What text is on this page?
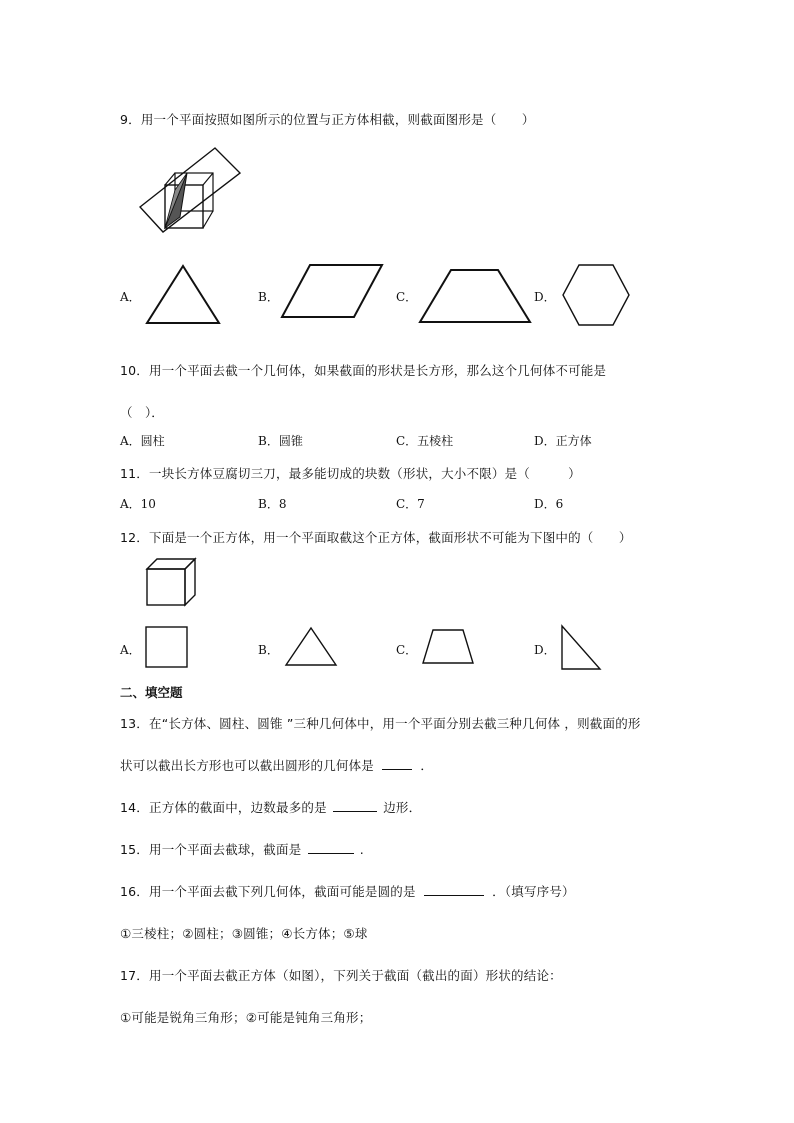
9．用一个平面按照如图所示的位置与正方体相截，则截面图形是（　　）
A．	B．	C．	D．
10．用一个平面去截一个几何体，如果截面的形状是长方形，那么这个几何体不可能是
（　）．
A．圆柱	B．圆锥	C．五棱柱	D．正方体
11．一块长方体豆腐切三刀，最多能切成的块数（形状，大小不限）是（　　　）
A．10	B．8	C．7	D．6
12．下面是一个正方体，用一个平面取截这个正方体，截面形状不可能为下图中的（　　）
A．	B．	C．	D．
二、填空题
13．在“长方体、圆柱、圆锥 ”三种几何体中，用一个平面分别去截三种几何体 ，则截面的形
状可以截出长方形也可以截出圆形的几何体是	．
14．正方体的截面中，边数最多的是	边形．
15．用一个平面去截球，截面是	.
16．用一个平面去截下列几何体，截面可能是圆的是	．（填写序号）
①三棱柱；②圆柱；③圆锥；④长方体；⑤球
17．用一个平面去截正方体（如图），下列关于截面（截出的面）形状的结论：
①可能是锐角三角形；②可能是钝角三角形；
